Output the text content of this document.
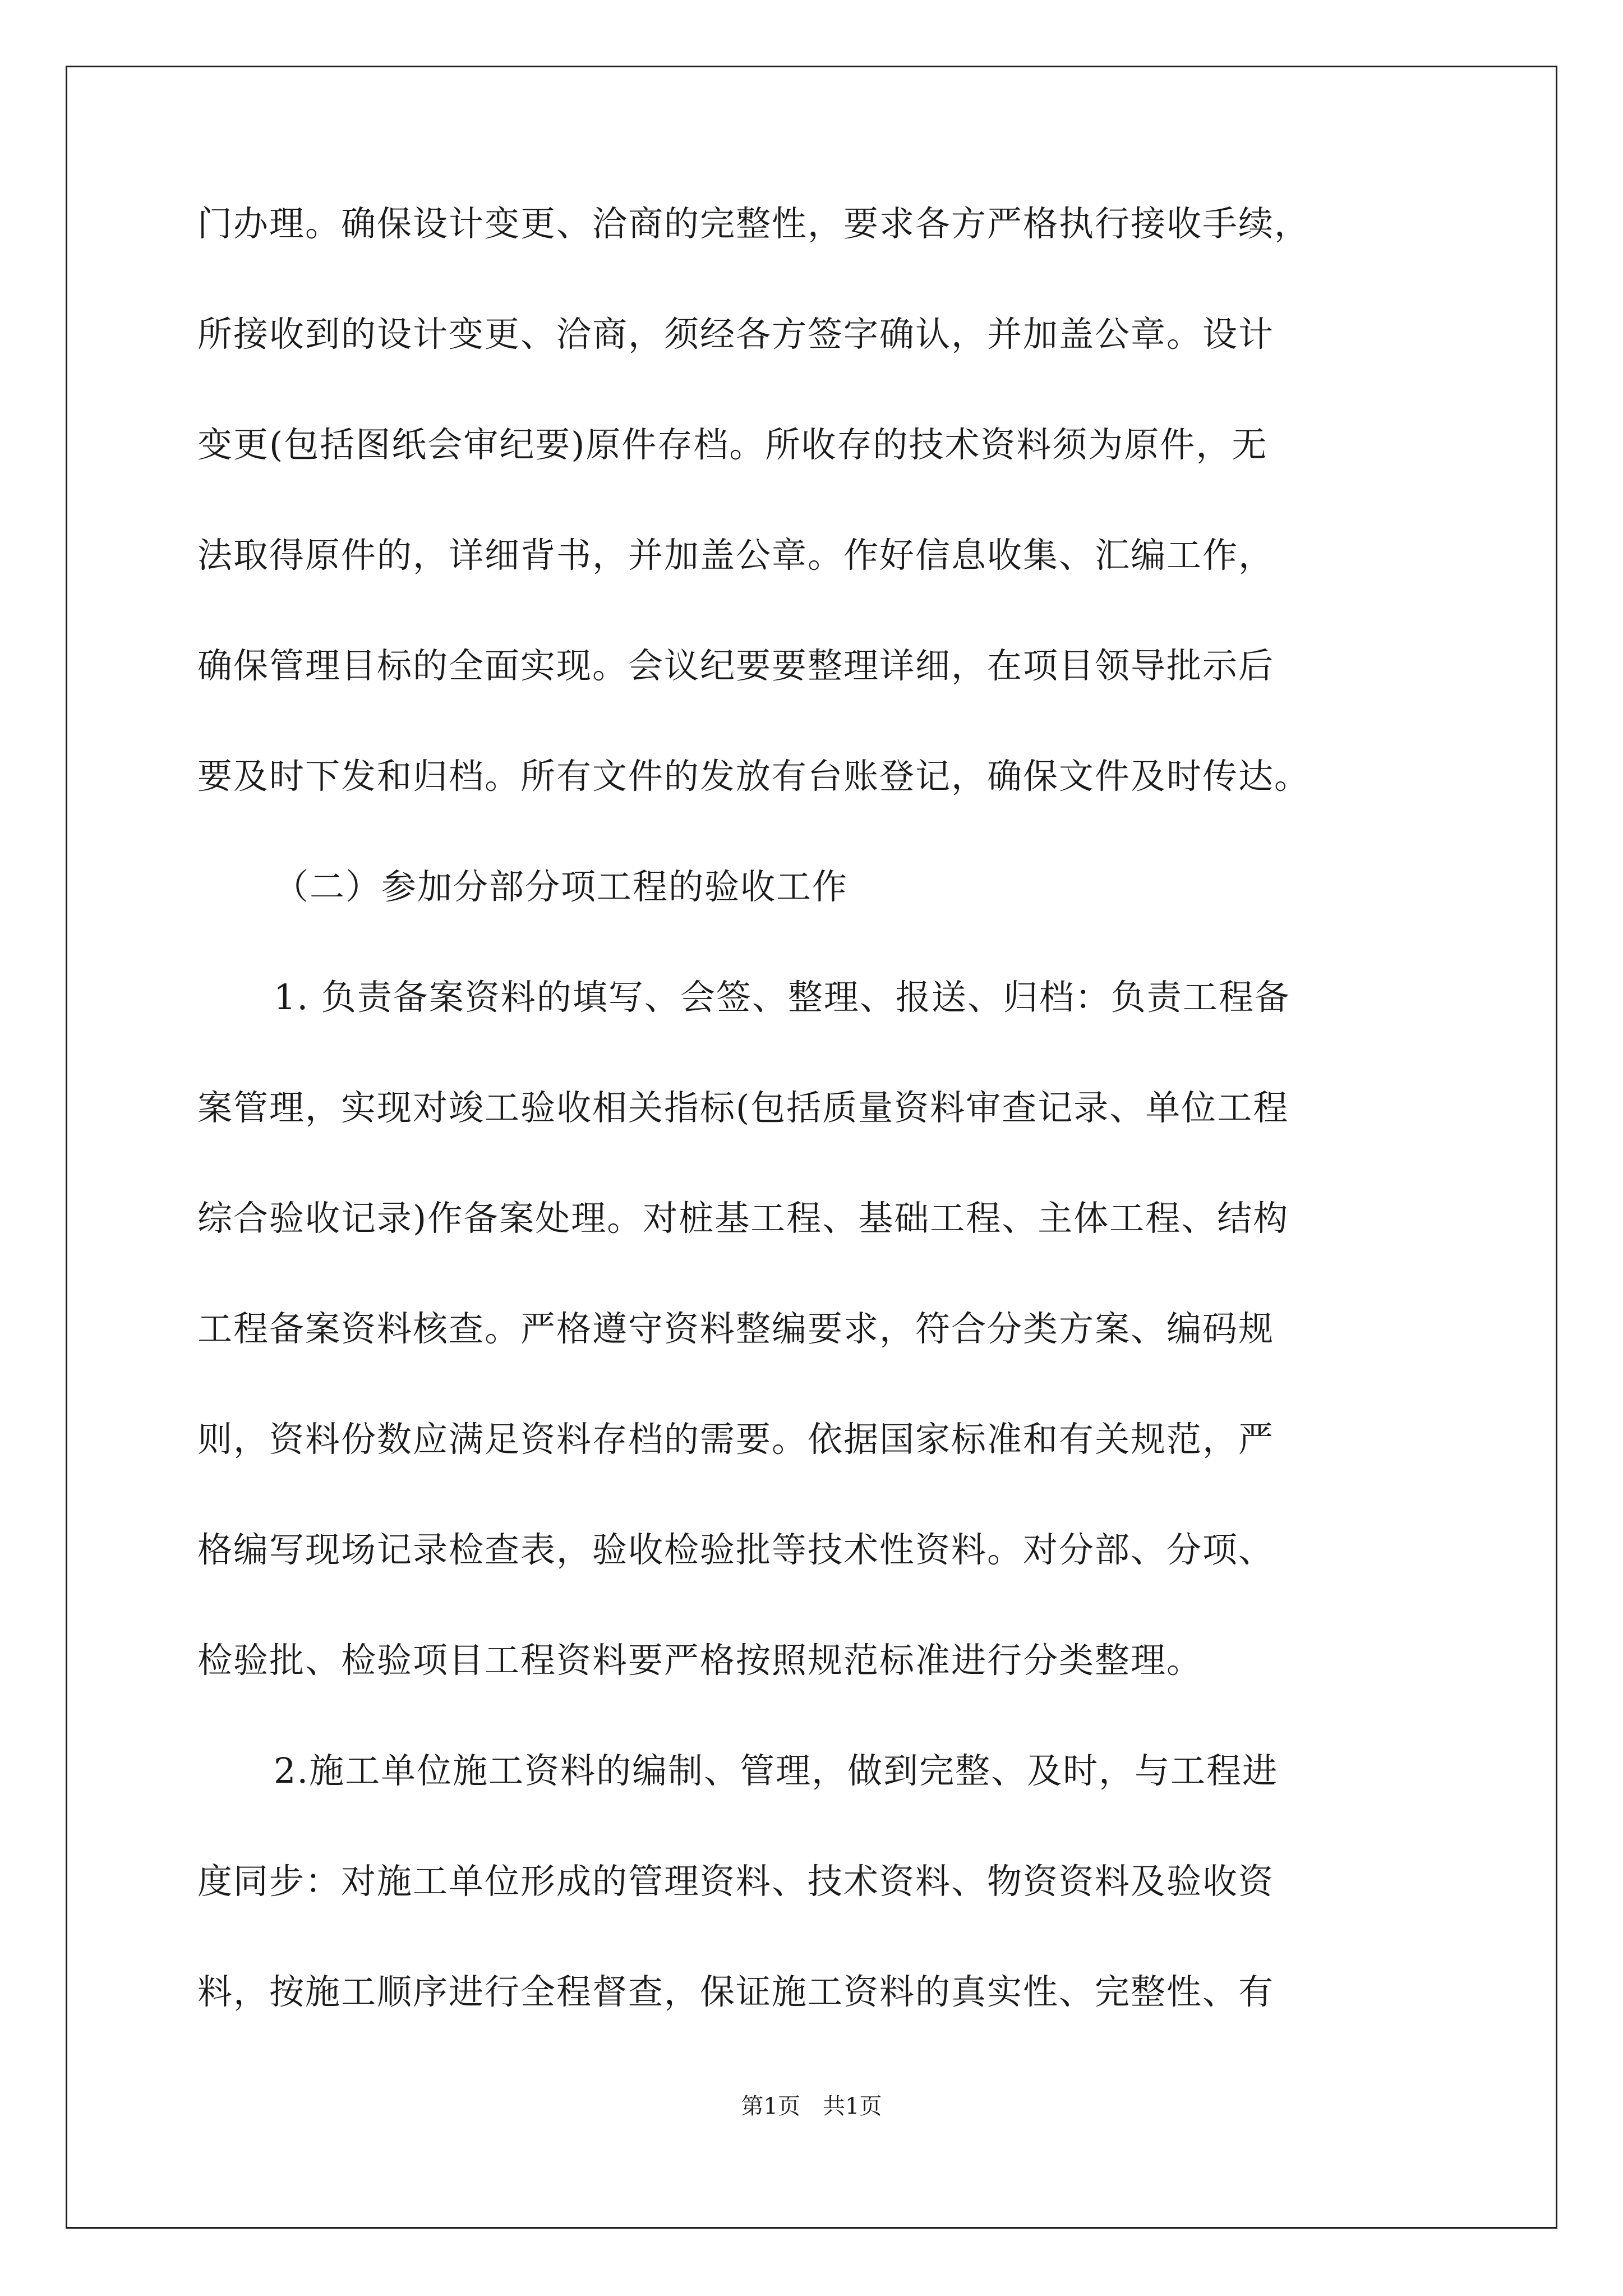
门办理。确保设计变更、洽商的完整性，要求各方严格执行接收手续，
所接收到的设计变更、洽商，须经各方签字确认，并加盖公章。设计
变更(包括图纸会审纪要)原件存档。所收存的技术资料须为原件，无
法取得原件的，详细背书，并加盖公章。作好信息收集、汇编工作，
确保管理目标的全面实现。会议纪要要整理详细，在项目领导批示后
要及时下发和归档。所有文件的发放有台账登记，确保文件及时传达。
（二）参加分部分项工程的验收工作
1. 负责备案资料的填写、会签、整理、报送、归档：负责工程备
案管理，实现对竣工验收相关指标(包括质量资料审查记录、单位工程
综合验收记录)作备案处理。对桩基工程、基础工程、主体工程、结构
工程备案资料核查。严格遵守资料整编要求，符合分类方案、编码规
则，资料份数应满足资料存档的需要。依据国家标准和有关规范，严
格编写现场记录检查表，验收检验批等技术性资料。对分部、分项、
检验批、检验项目工程资料要严格按照规范标准进行分类整理。
2.施工单位施工资料的编制、管理，做到完整、及时，与工程进
度同步：对施工单位形成的管理资料、技术资料、物资资料及验收资
料，按施工顺序进行全程督查，保证施工资料的真实性、完整性、有
第1页　共1页
